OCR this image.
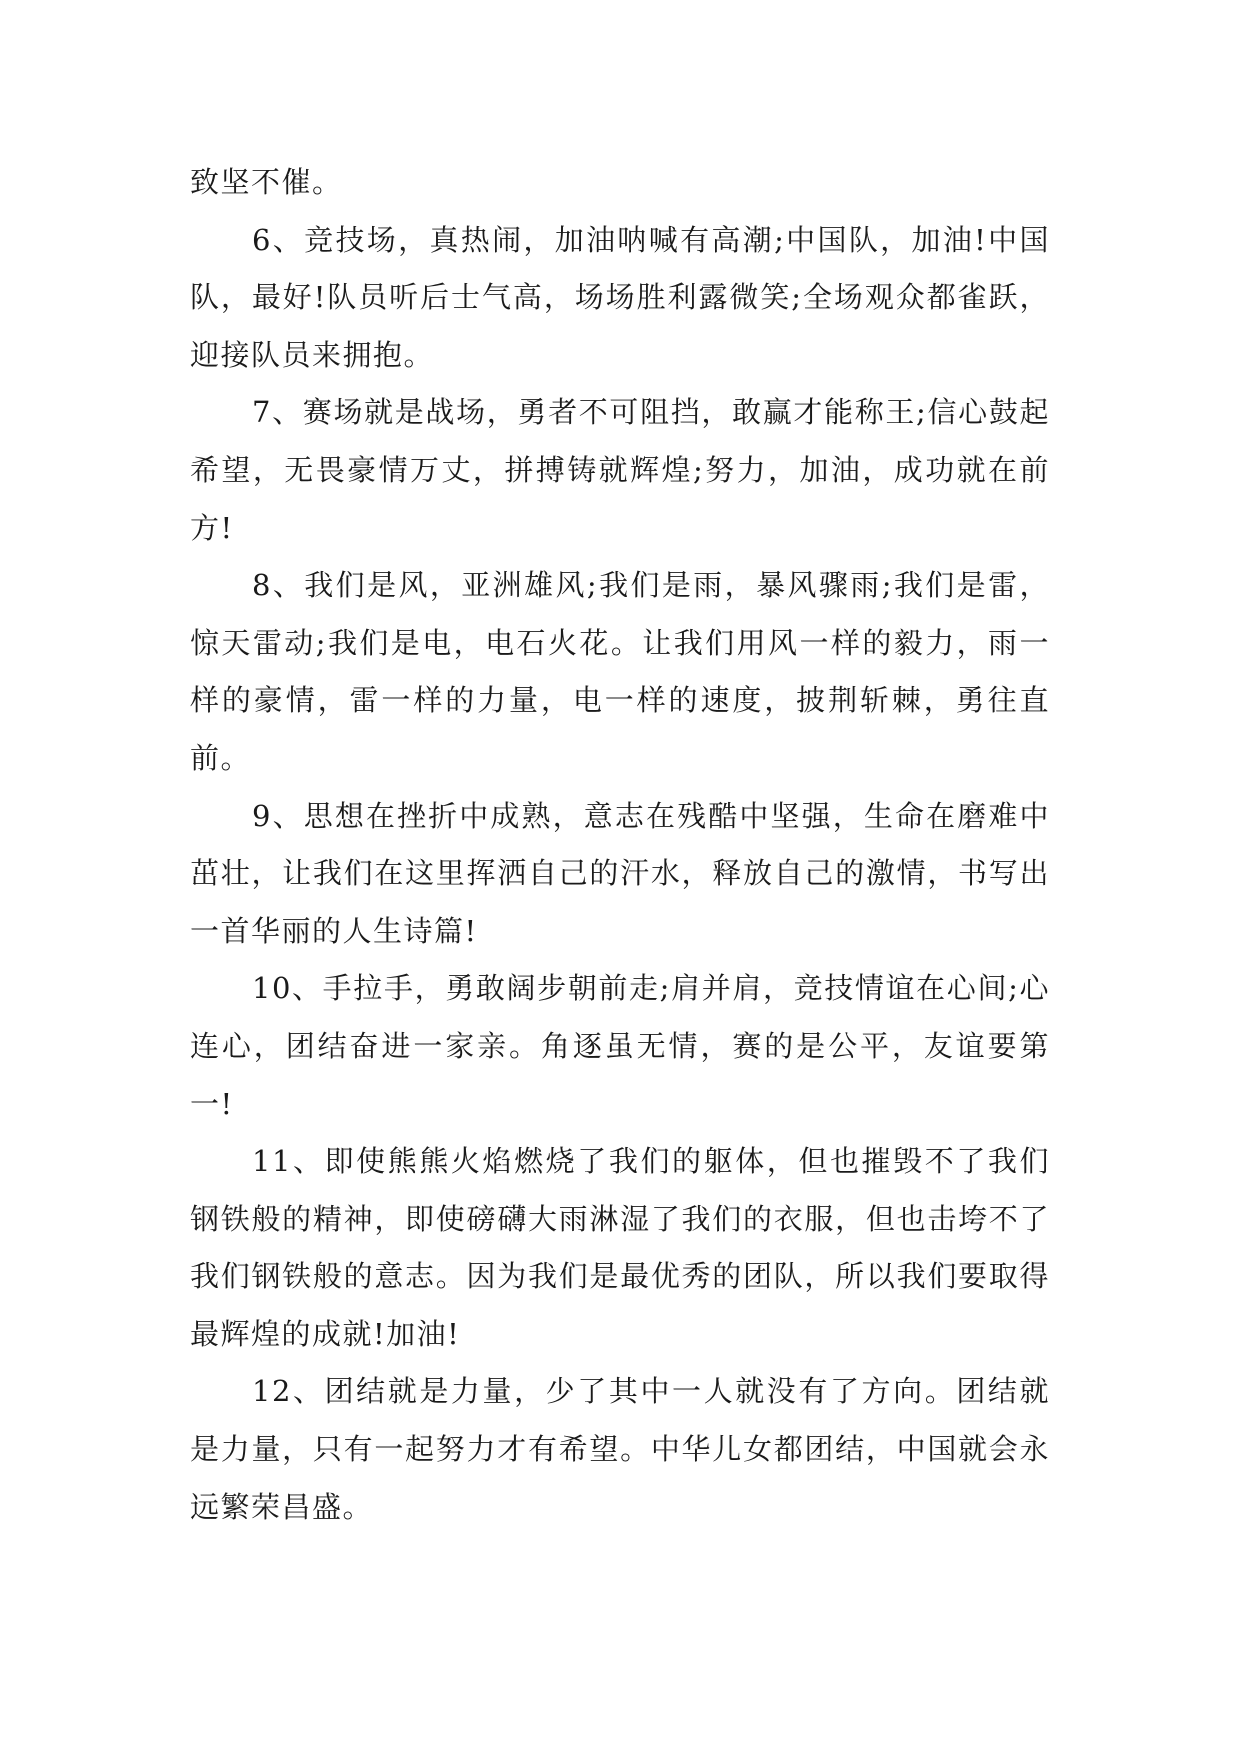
致坚不催。

6、竞技场，真热闹，加油呐喊有高潮;中国队，加油!中国队，最好!队员听后士气高，场场胜利露微笑;全场观众都雀跃，迎接队员来拥抱。

7、赛场就是战场，勇者不可阻挡，敢赢才能称王;信心鼓起希望，无畏豪情万丈，拼搏铸就辉煌;努力，加油，成功就在前方!

8、我们是风，亚洲雄风;我们是雨，暴风骤雨;我们是雷，惊天雷动;我们是电，电石火花。让我们用风一样的毅力，雨一样的豪情，雷一样的力量，电一样的速度，披荆斩棘，勇往直前。

9、思想在挫折中成熟，意志在残酷中坚强，生命在磨难中茁壮，让我们在这里挥洒自己的汗水，释放自己的激情，书写出一首华丽的人生诗篇!

10、手拉手，勇敢阔步朝前走;肩并肩，竞技情谊在心间;心连心，团结奋进一家亲。角逐虽无情，赛的是公平，友谊要第一!

11、即使熊熊火焰燃烧了我们的躯体，但也摧毁不了我们钢铁般的精神，即使磅礴大雨淋湿了我们的衣服，但也击垮不了我们钢铁般的意志。因为我们是最优秀的团队，所以我们要取得最辉煌的成就!加油!

12、团结就是力量，少了其中一人就没有了方向。团结就是力量，只有一起努力才有希望。中华儿女都团结，中国就会永远繁荣昌盛。
